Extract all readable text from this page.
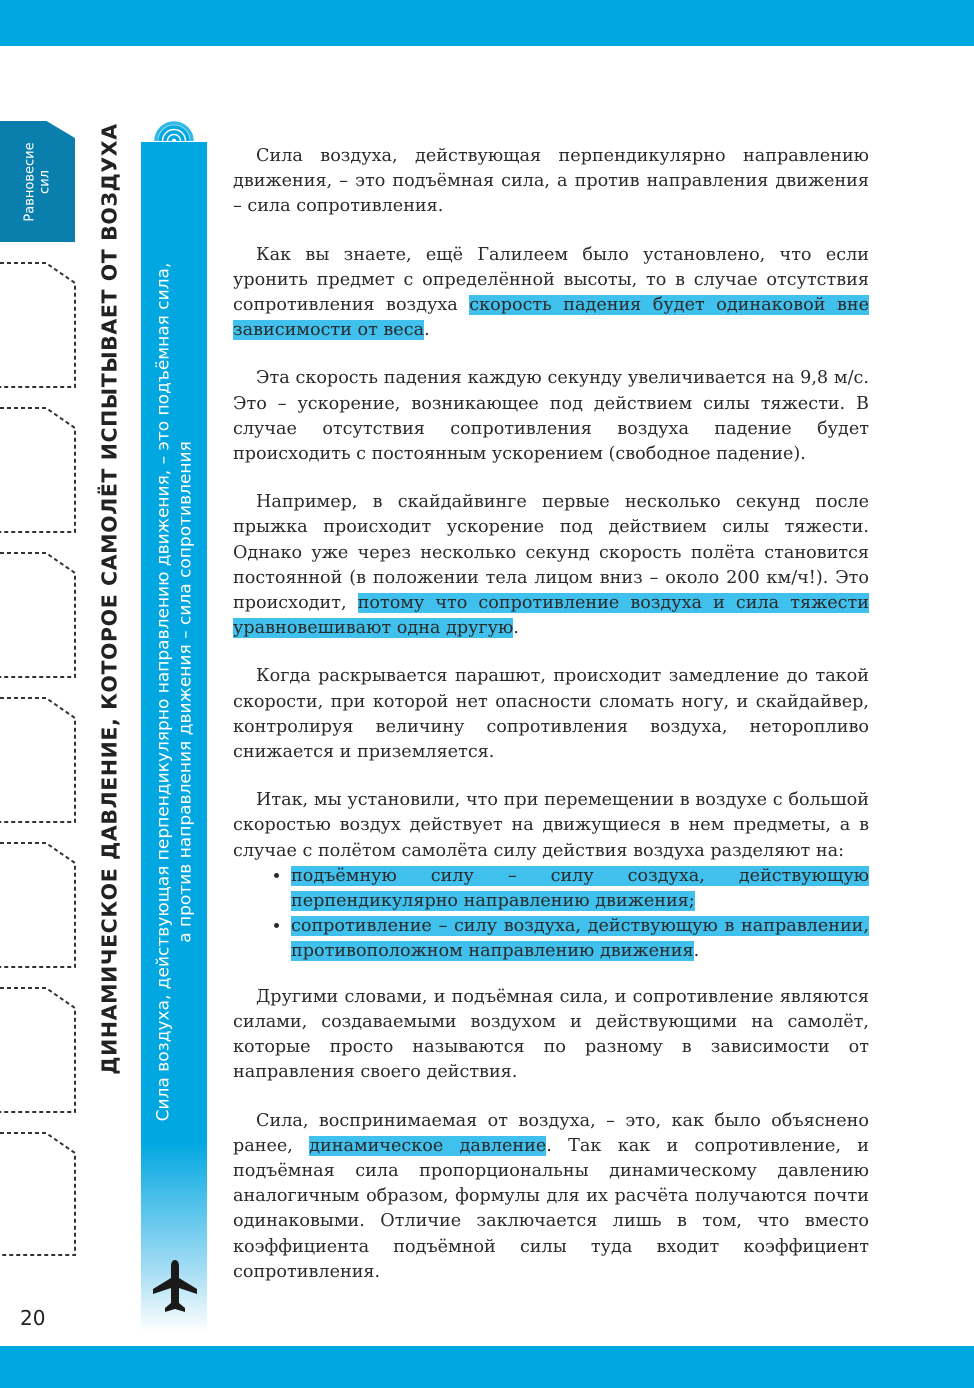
Равновесие сил ДИНАМИЧЕСКОЕ ДАВЛЕНИЕ, КОТОРОЕ САМОЛЁТ ИСПЫТЫВАЕТ ОТ ВОЗДУХА Сила воздуха, действующая перпендикулярно направлению движения, – это подъёмная сила, а против направления движения – сила сопротивления
20

Сила воздуха, действующая перпендикулярно направлению движения, – это подъёмная сила, а против направления движения – сила сопротивления.

Как вы знаете, ещё Галилеем было установлено, что если уронить предмет с определённой высоты, то в случае отсутствия сопротивления воздуха скорость падения будет одинаковой вне зависимости от веса.

Эта скорость падения каждую секунду увеличивается на 9,8 м/с. Это – ускорение, возникающее под действием силы тяжести. В случае отсутствия сопротивления воздуха падение будет происходить с постоянным ускорением (свободное падение).

Например, в скайдайвинге первые несколько секунд после прыжка происходит ускорение под действием силы тяжести. Однако уже через несколько секунд скорость полёта становится постоянной (в положении тела лицом вниз – около 200 км/ч!). Это происходит, потому что сопротивление воздуха и сила тяжести уравновешивают одна другую.

Когда раскрывается парашют, происходит замедление до такой скорости, при которой нет опасности сломать ногу, и скайдайвер, контролируя величину сопротивления воздуха, неторопливо снижается и приземляется.

Итак, мы установили, что при перемещении в воздухе с большой скоростью воздух действует на движущиеся в нем предметы, а в случае с полётом самолёта силу действия воздуха разделяют на:

• подъёмную силу – силу создуха, действующую перпендикулярно направлению движения;
• сопротивление – силу воздуха, действующую в направлении, противоположном направлению движения.

Другими словами, и подъёмная сила, и сопротивление являются силами, создаваемыми воздухом и действующими на самолёт, которые просто называются по разному в зависимости от направления своего действия.

Сила, воспринимаемая от воздуха, – это, как было объяснено ранее, динамическое давление. Так как и сопротивление, и подъёмная сила пропорциональны динамическому давлению аналогичным образом, формулы для их расчёта получаются почти одинаковыми. Отличие заключается лишь в том, что вместо коэффициента подъёмной силы туда входит коэффициент сопротивления.
